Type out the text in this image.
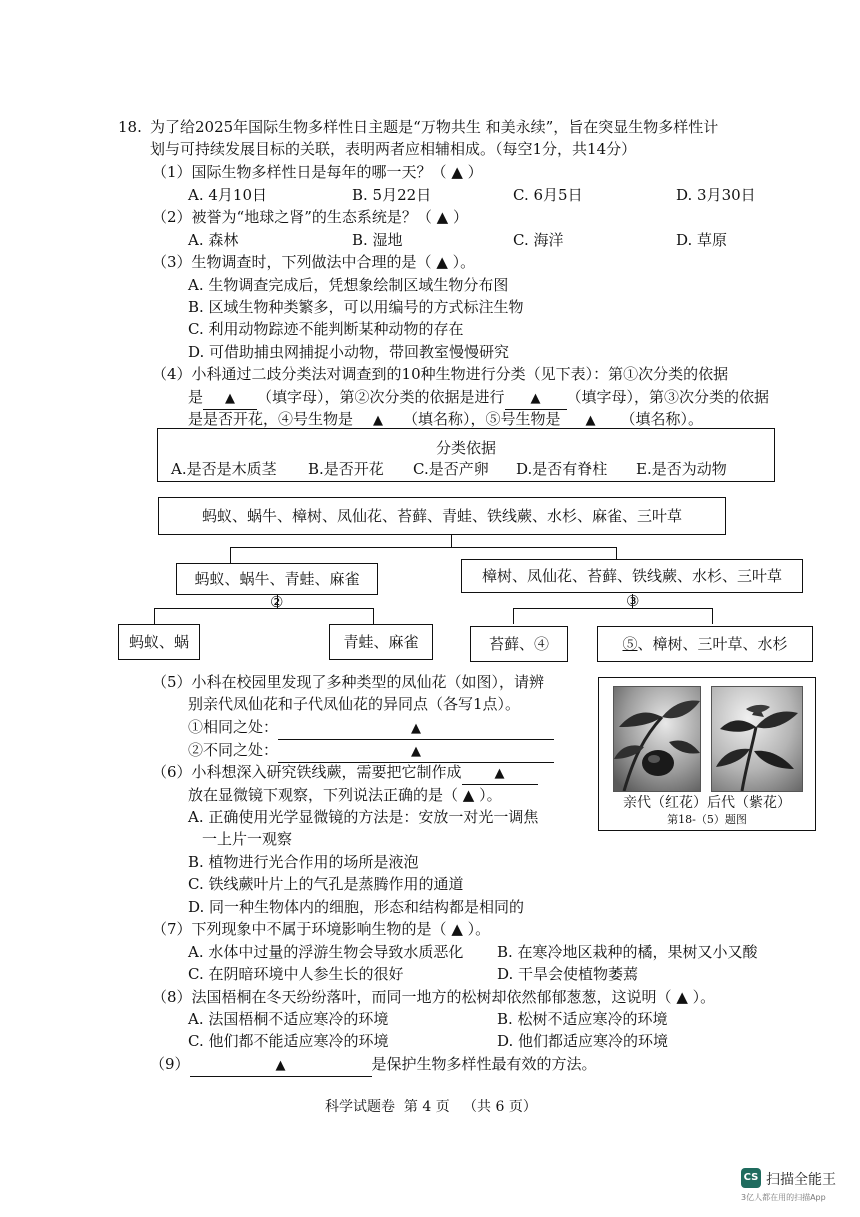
18. 为了给2025年国际生物多样性日主题是“万物共生 和美永续”，旨在突显生物多样性计
划与可持续发展目标的关联，表明两者应相辅相成。（每空1分，共14分）
（1）国际生物多样性日是每年的哪一天？（ ▲ ）
A. 4月10日	B. 5月22日	C. 6月5日	D. 3月30日
（2）被誉为“地球之肾”的生态系统是？（ ▲ ）
A. 森林	B. 湿地	C. 海洋	D. 草原
（3）生物调查时，下列做法中合理的是（ ▲ ）。
A. 生物调查完成后，凭想象绘制区域生物分布图
B. 区域生物种类繁多，可以用编号的方式标注生物
C. 利用动物踪迹不能判断某种动物的存在
D. 可借助捕虫网捕捉小动物，带回教室慢慢研究
（4）小科通过二歧分类法对调查到的10种生物进行分类（见下表）：第①次分类的依据
是 ▲ （填字母），第②次分类的依据是进行 ▲ （填字母），第③次分类的依据
是是否开花，④号生物是 ▲ （填名称），⑤号生物是 ▲ （填名称）。
分类依据
A.是否是木质茎 B.是否开花 C.是否产卵 D.是否有脊柱 E.是否为动物
蚂蚁、蜗牛、樟树、凤仙花、苔藓、青蛙、铁线蕨、水杉、麻雀、三叶草
蚂蚁、蜗牛、青蛙、麻雀	樟树、凤仙花、苔藓、铁线蕨、水杉、三叶草
②	③
蚂蚁、蜗	青蛙、麻雀	苔藓、④	⑤、樟树、三叶草、水杉
（5）小科在校园里发现了多种类型的凤仙花（如图），请辨
别亲代凤仙花和子代凤仙花的异同点（各写1点）。
①相同之处：	▲
②不同之处：	▲
亲代（红花）后代（紫花）
第18-（5）题图
（6）小科想深入研究铁线蕨，需要把它制作成	▲
放在显微镜下观察，下列说法正确的是（ ▲ ）。
A. 正确使用光学显微镜的方法是：安放一对光一调焦
一上片一观察
B. 植物进行光合作用的场所是液泡
C. 铁线蕨叶片上的气孔是蒸腾作用的通道
D. 同一种生物体内的细胞，形态和结构都是相同的
（7）下列现象中不属于环境影响生物的是（ ▲ ）。
A. 水体中过量的浮游生物会导致水质恶化 B. 在寒冷地区栽种的橘，果树又小又酸
C. 在阴暗环境中人参生长的很好	D. 干旱会使植物萎蔫
（8）法国梧桐在冬天纷纷落叶，而同一地方的松树却依然郁郁葱葱，这说明（ ▲ ）。
A. 法国梧桐不适应寒冷的环境	B. 松树不适应寒冷的环境
C. 他们都不能适应寒冷的环境	D. 他们都适应寒冷的环境
（9）	▲	是保护生物多样性最有效的方法。
科学试题卷  第 4 页   （共 6 页）
CS 扫描全能王
3亿人都在用的扫描App
